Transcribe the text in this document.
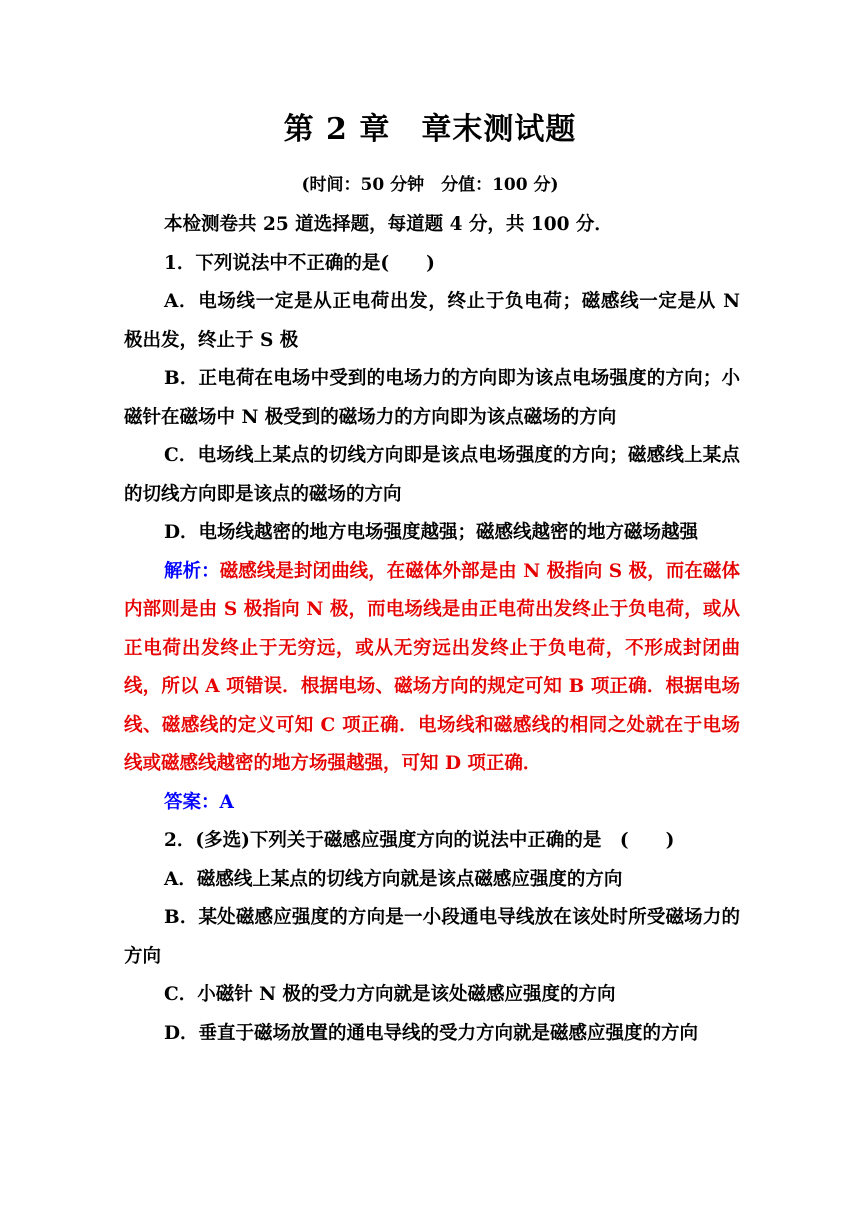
第 2 章　章末测试题
(时间：50 分钟　分值：100 分)

本检测卷共 25 道选择题，每道题 4 分，共 100 分．

1．下列说法中不正确的是(　　)

A．电场线一定是从正电荷出发，终止于负电荷；磁感线一定是从 N 极出发，终止于 S 极

B．正电荷在电场中受到的电场力的方向即为该点电场强度的方向；小磁针在磁场中 N 极受到的磁场力的方向即为该点磁场的方向

C．电场线上某点的切线方向即是该点电场强度的方向；磁感线上某点的切线方向即是该点的磁场的方向

D．电场线越密的地方电场强度越强；磁感线越密的地方磁场越强

解析：磁感线是封闭曲线，在磁体外部是由 N 极指向 S 极，而在磁体内部则是由 S 极指向 N 极，而电场线是由正电荷出发终止于负电荷，或从正电荷出发终止于无穷远，或从无穷远出发终止于负电荷，不形成封闭曲线，所以 A 项错误．根据电场、磁场方向的规定可知 B 项正确．根据电场线、磁感线的定义可知 C 项正确．电场线和磁感线的相同之处就在于电场线或磁感线越密的地方场强越强，可知 D 项正确．

答案：A

2．(多选)下列关于磁感应强度方向的说法中正确的是　(　　)

A．磁感线上某点的切线方向就是该点磁感应强度的方向

B．某处磁感应强度的方向是一小段通电导线放在该处时所受磁场力的方向

C．小磁针 N 极的受力方向就是该处磁感应强度的方向

D．垂直于磁场放置的通电导线的受力方向就是磁感应强度的方向
